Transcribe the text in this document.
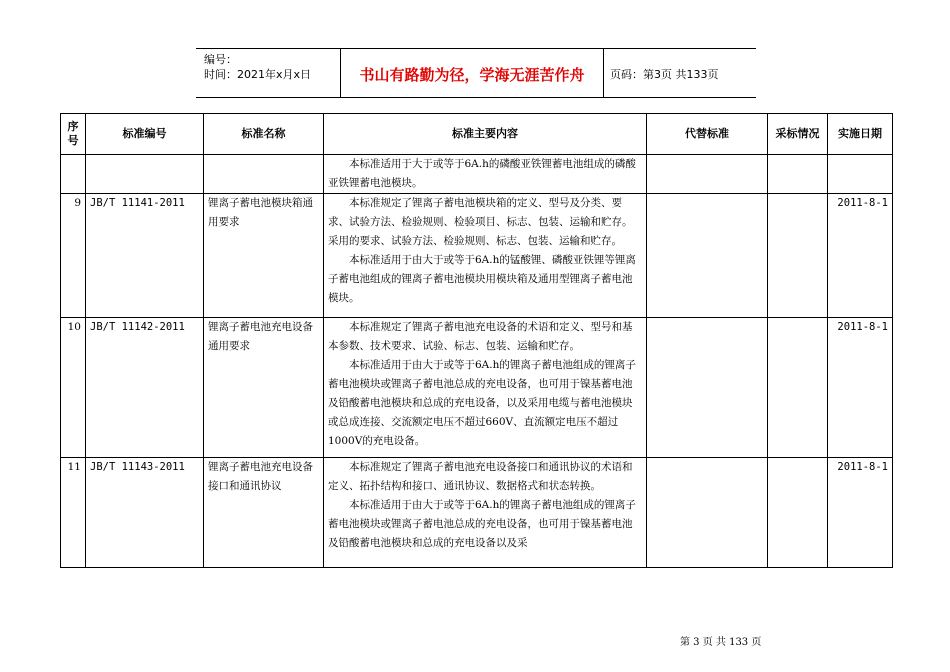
编号：
时间：2021年x月x日	书山有路勤为径，学海无涯苦作舟	页码：第3页 共133页
序号	标准编号	标准名称	标准主要内容	代替标准	采标情况	实施日期

			本标准适用于大于或等于6A.h的磷酸亚铁锂蓄电池组成的磷酸亚铁锂蓄电池模块。			

9	JB/T 11141-2011	锂离子蓄电池模块箱通用要求	本标准规定了锂离子蓄电池模块箱的定义、型号及分类、要求、试验方法、检验规则、检验项目、标志、包装、运输和贮存。采用的要求、试验方法、检验规则、标志、包装、运输和贮存。

本标准适用于由大于或等于6A.h的锰酸锂、磷酸亚铁锂等锂离子蓄电池组成的锂离子蓄电池模块用模块箱及通用型锂离子蓄电池模块。			2011-8-1
10	JB/T 11142-2011	锂离子蓄电池充电设备通用要求	本标准规定了锂离子蓄电池充电设备的术语和定义、型号和基本参数、技术要求、试验、标志、包装、运输和贮存。

本标准适用于由大于或等于6A.h的锂离子蓄电池组成的锂离子蓄电池模块或锂离子蓄电池总成的充电设备，也可用于镍基蓄电池及铅酸蓄电池模块和总成的充电设备，以及采用电缆与蓄电池模块或总成连接、交流额定电压不超过660V、直流额定电压不超过1000V的充电设备。			2011-8-1
11	JB/T 11143-2011	锂离子蓄电池充电设备接口和通讯协议	本标准规定了锂离子蓄电池充电设备接口和通讯协议的术语和定义、拓扑结构和接口、通讯协议、数据格式和状态转换。

本标准适用于由大于或等于6A.h的锂离子蓄电池组成的锂离子蓄电池模块或锂离子蓄电池总成的充电设备，也可用于镍基蓄电池及铅酸蓄电池模块和总成的充电设备以及采			2011-8-1
第 3 页 共 133 页
